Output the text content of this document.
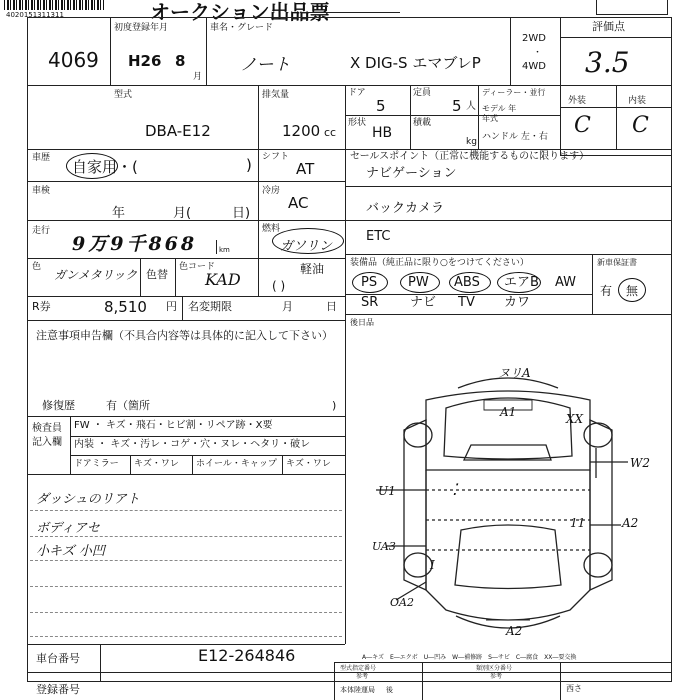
4020151311311	オークション出品票
4069
初度登録年月
H26 8
月
車名・グレード
ノート	X DIG-S エマブレP
2WD
・
4WD
評価点
3.5
型式
DBA-E12
排気量
1200 cc
ドア
5
定員
5 人
ディーラー・並行
モデル 年
年式
形状
HB
積載
kg ハンドル 左・右
外装	内装
C C
車歴 自家用・(	) シフト
AT
車検
年	月(	日)
冷房
AC
走行
9万9千868	km
燃料
ガソリン
軽油
( )
色
ガンメタリック 色替
色コード
KAD
R券	8,510 円 名変期限	月	日
セールスポイント（正常に機能するものに限ります）
ナビゲーション
バックカメラ
ETC
装備品（純正品に限り○をつけてください）	新車保証書
PS PW ABS エアB AW
SR ナビ TV カワ
有 無
後日品
注意事項申告欄（不具合内容等は具体的に記入して下さい）
修復歴	有（箇所	)
検査員
記入欄
FW ・ キズ・飛石・ヒビ割・リペア跡・X要
内装 ・ キズ・汚レ・コゲ・穴・ヌレ・ヘタリ・破レ
ドアミラー キズ・ワレ ホイール・キャップ キズ・ワレ
ダッシュのリアト
ボディアセ
小キズ 小凹
ヌリA
A1	XX
W2
U1	⁚
11	A2
UA3
I
OA2
A2
A―キズ　E―エクボ　U―凹み　W―補修跡　S―サビ　C―腐食　XX―要交換
車台番号	E12-264846
登録番号
型式指定番号
参考
類別区分番号
参考
本体陸運局 後	西さ
